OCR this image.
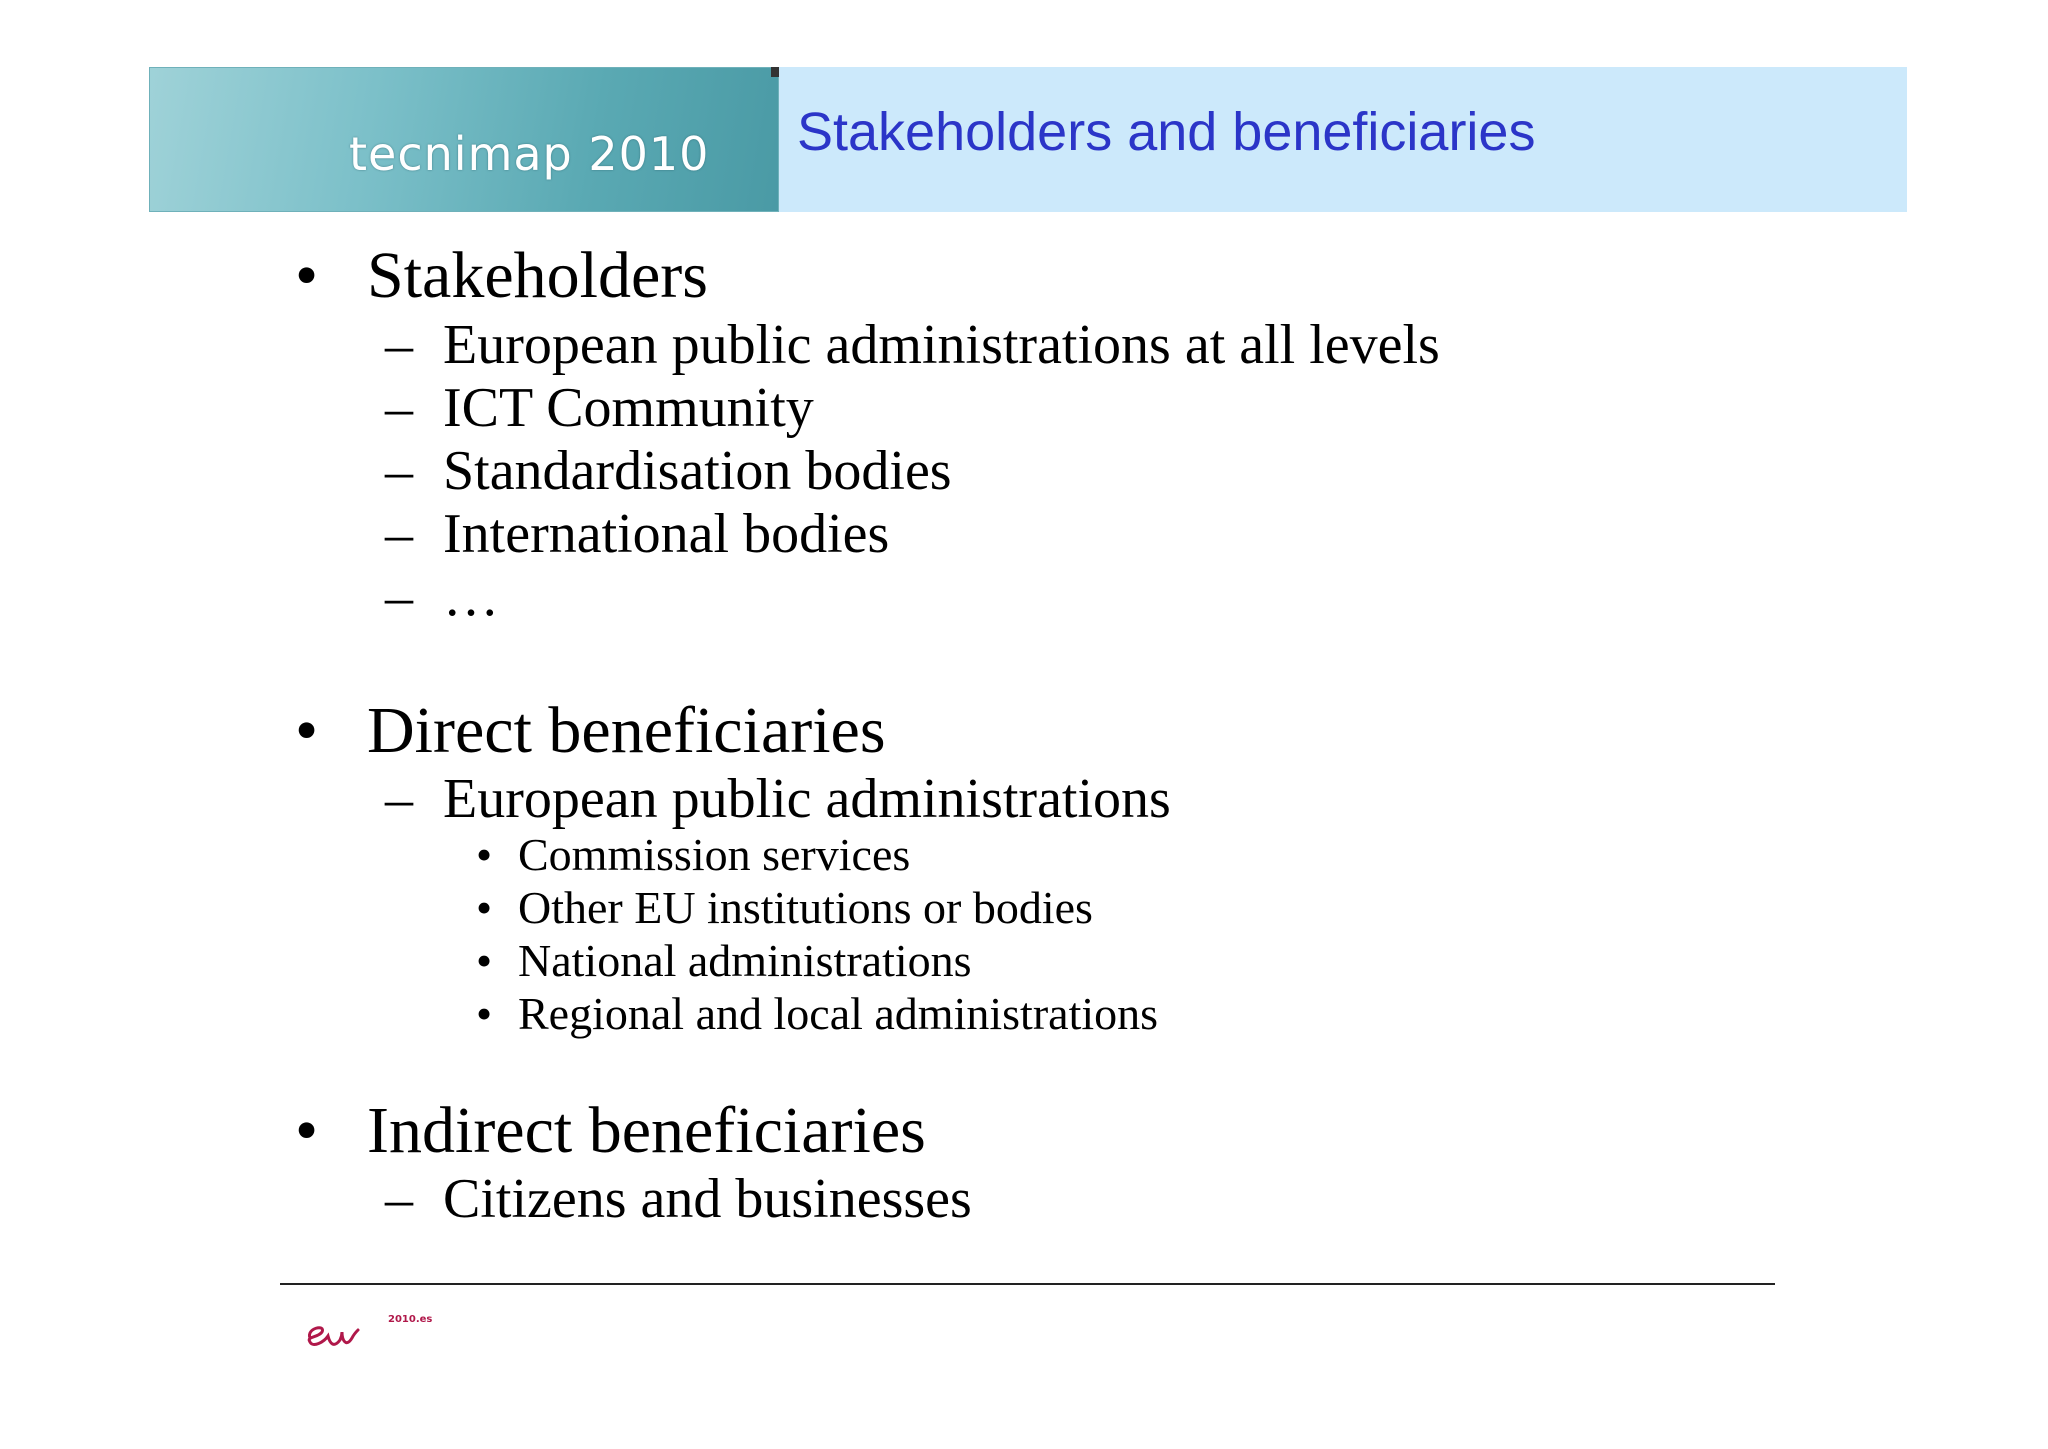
tecnimap 2010 Stakeholders and beneficiaries
• Stakeholders
– European public administrations at all levels
– ICT Community
– Standardisation bodies
– International bodies
– …
• Direct beneficiaries
– European public administrations
• Commission services
• Other EU institutions or bodies
• National administrations
• Regional and local administrations
• Indirect beneficiaries
– Citizens and businesses
2010.es
